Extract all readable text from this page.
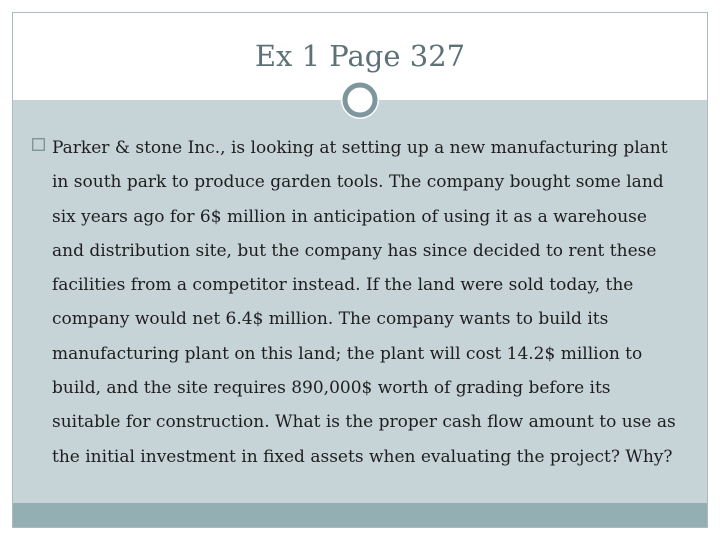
Ex 1 Page 327

Parker & stone Inc., is looking at setting up a new manufacturing plant
in south park to produce garden tools. The company bought some land
six years ago for 6$ million in anticipation of using it as a warehouse
and distribution site, but the company has since decided to rent these
facilities from a competitor instead. If the land were sold today, the
company would net 6.4$ million. The company wants to build its
manufacturing plant on this land; the plant will cost 14.2$ million to
build, and the site requires 890,000$ worth of grading before its
suitable for construction. What is the proper cash flow amount to use as
the initial investment in fixed assets when evaluating the project? Why?
